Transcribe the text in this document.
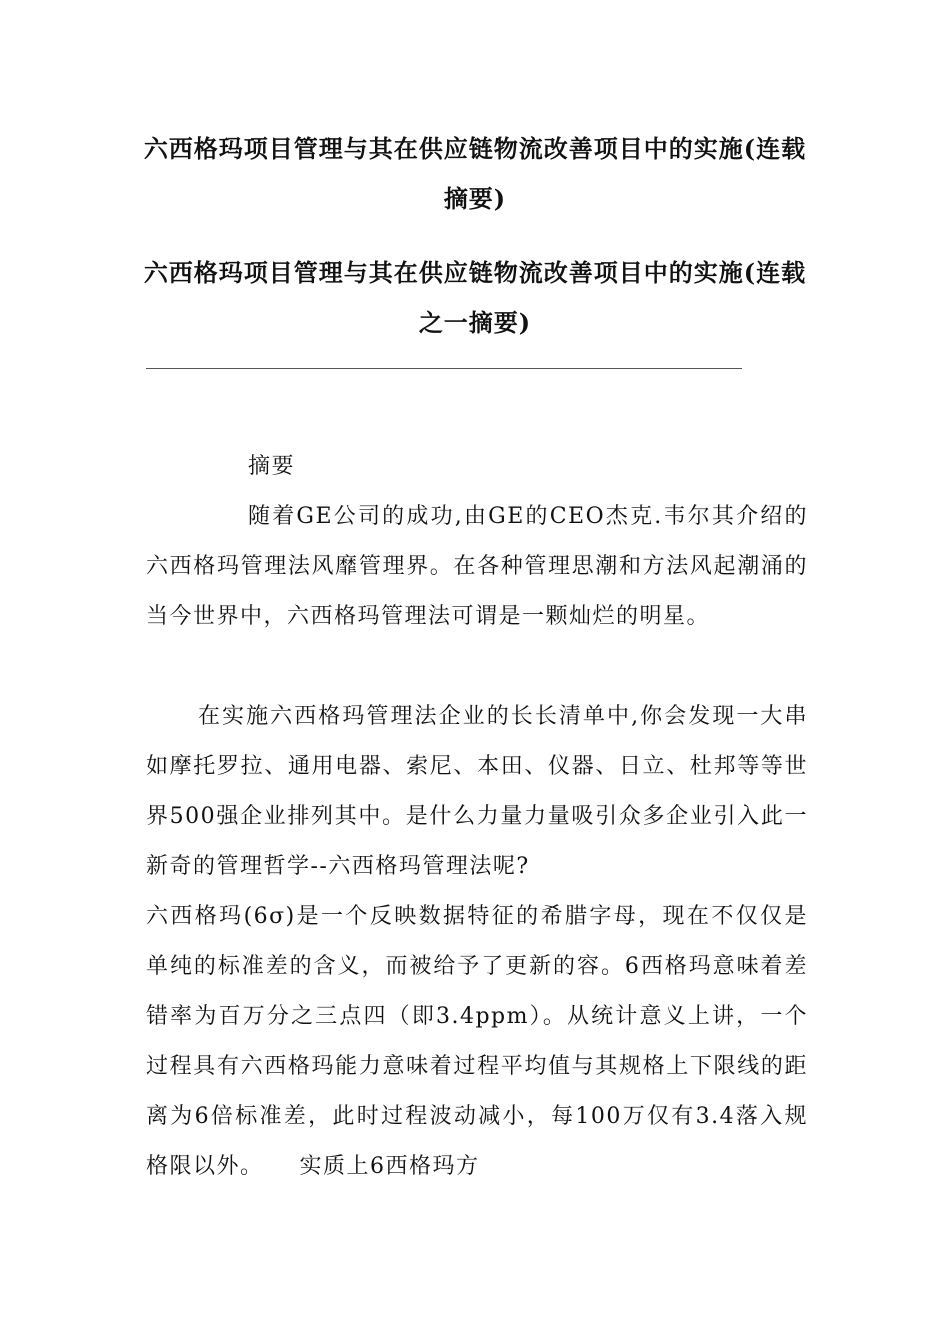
六西格玛项目管理与其在供应链物流改善项目中的实施(连载摘要)
六西格玛项目管理与其在供应链物流改善项目中的实施(连载之一摘要)
摘要
随着GE公司的成功,由GE的CEO杰克.韦尔其介绍的六西格玛管理法风靡管理界。在各种管理思潮和方法风起潮涌的当今世界中，六西格玛管理法可谓是一颗灿烂的明星。
在实施六西格玛管理法企业的长长清单中,你会发现一大串如摩托罗拉、通用电器、索尼、本田、仪器、日立、杜邦等等世界500强企业排列其中。是什么力量力量吸引众多企业引入此一新奇的管理哲学--六西格玛管理法呢?
六西格玛(6σ)是一个反映数据特征的希腊字母，现在不仅仅是单纯的标准差的含义，而被给予了更新的容。6西格玛意味着差错率为百万分之三点四（即3.4ppm）。从统计意义上讲，一个过程具有六西格玛能力意味着过程平均值与其规格上下限线的距离为6倍标准差，此时过程波动减小，每100万仅有3.4落入规格限以外。　　实质上6西格玛方
